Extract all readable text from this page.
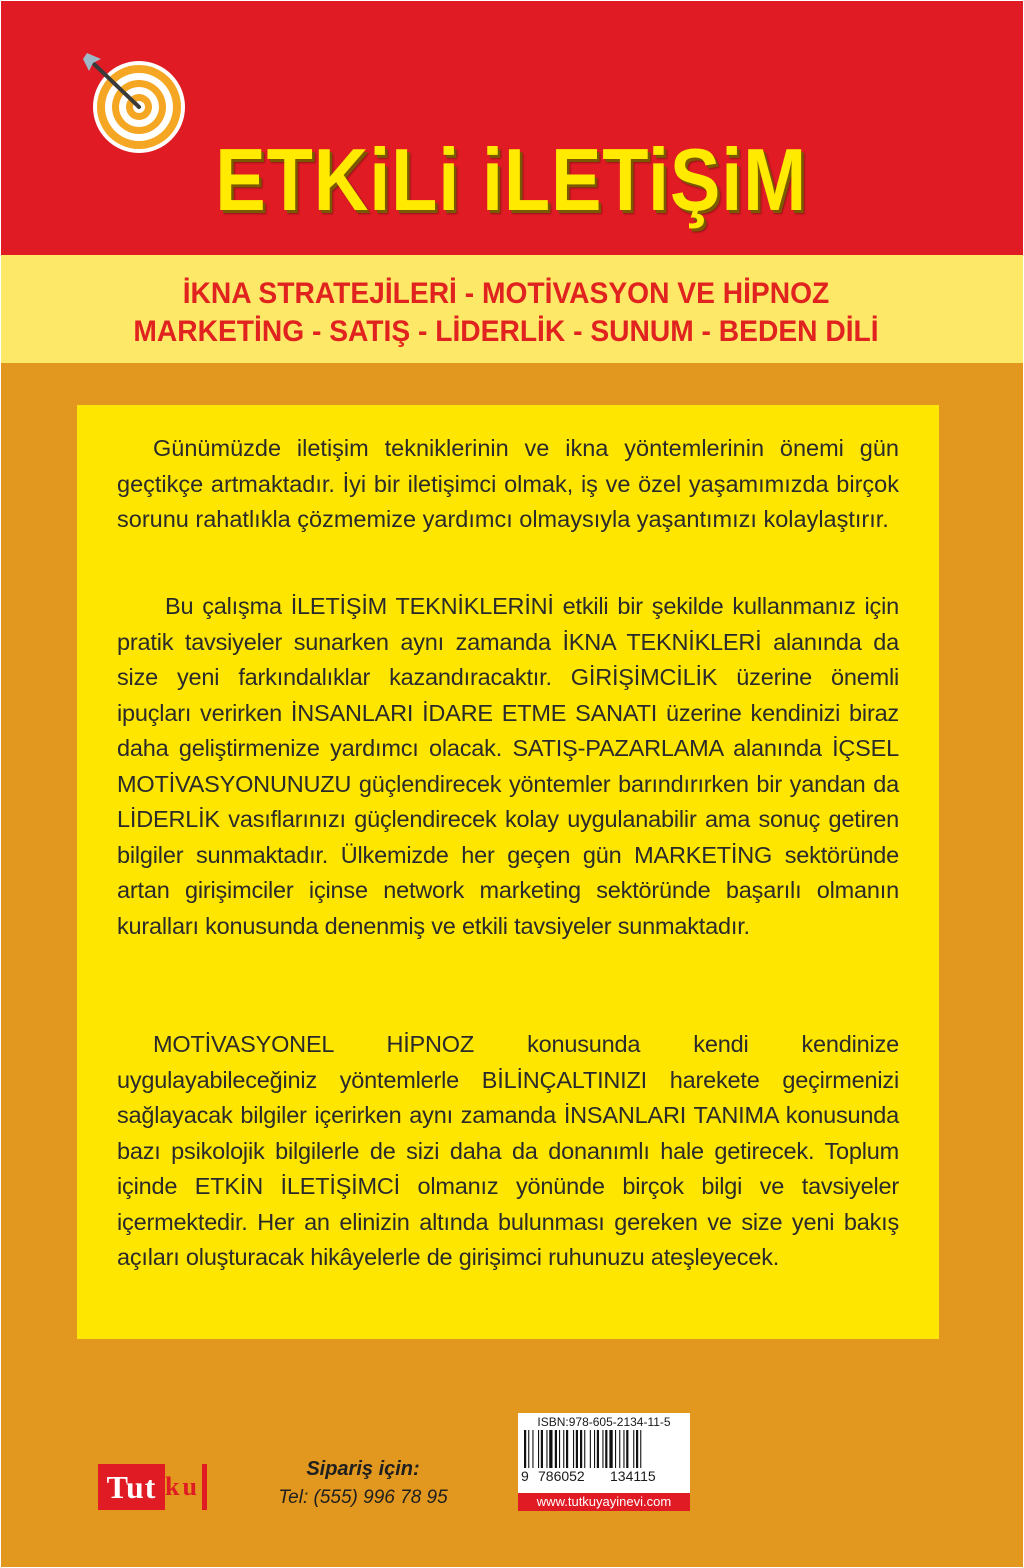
ETKiLi iLETiŞiM
İKNA STRATEJİLERİ - MOTİVASYON VE HİPNOZ
MARKETİNG - SATIŞ - LİDERLİK - SUNUM - BEDEN DİLİ

Günümüzde iletişim tekniklerinin ve ikna yöntemlerinin önemi gün geçtikçe artmaktadır. İyi bir iletişimci olmak, iş ve özel yaşamımızda birçok sorunu rahatlıkla çözmemize yardımcı olmaysıyla yaşantımızı kolaylaştırır.

Bu çalışma İLETİŞİM TEKNİKLERİNİ etkili bir şekilde kullanmanız için pratik tavsiyeler sunarken aynı zamanda İKNA TEKNİKLERİ alanında da size yeni farkındalıklar kazandıracaktır. GİRİŞİMCİLİK üzerine önemli ipuçları verirken İNSANLARI İDARE ETME SANATI üzerine kendinizi biraz daha geliştirmenize yardımcı olacak. SATIŞ-PAZARLAMA alanında İÇSEL MOTİVASYONUNUZU güçlendirecek yöntemler barındırırken bir yandan da LİDERLİK vasıflarınızı güçlendirecek kolay uygulanabilir ama sonuç getiren bilgiler sunmaktadır. Ülkemizde her geçen gün MARKETİNG sektöründe artan girişimciler içinse network marketing sektöründe başarılı olmanın kuralları konusunda denenmiş ve etkili tavsiyeler sunmaktadır.

MOTİVASYONEL HİPNOZ konusunda kendi kendinize uygulayabileceğiniz yöntemlerle BİLİNÇALTINIZI harekete geçirmenizi sağlayacak bilgiler içerirken aynı zamanda İNSANLARI TANIMA konusunda bazı psikolojik bilgilerle de sizi daha da donanımlı hale getirecek. Toplum içinde ETKİN İLETİŞİMCİ olmanız yönünde birçok bilgi ve tavsiyeler içermektedir. Her an elinizin altında bulunması gereken ve size yeni bakış açıları oluşturacak hikâyelerle de girişimci ruhunuzu ateşleyecek.

Tut ku
Sipariş için:
Tel: (555) 996 78 95
ISBN:978-605-2134-11-5
9 786052 134115
www.tutkuyayinevi.com
